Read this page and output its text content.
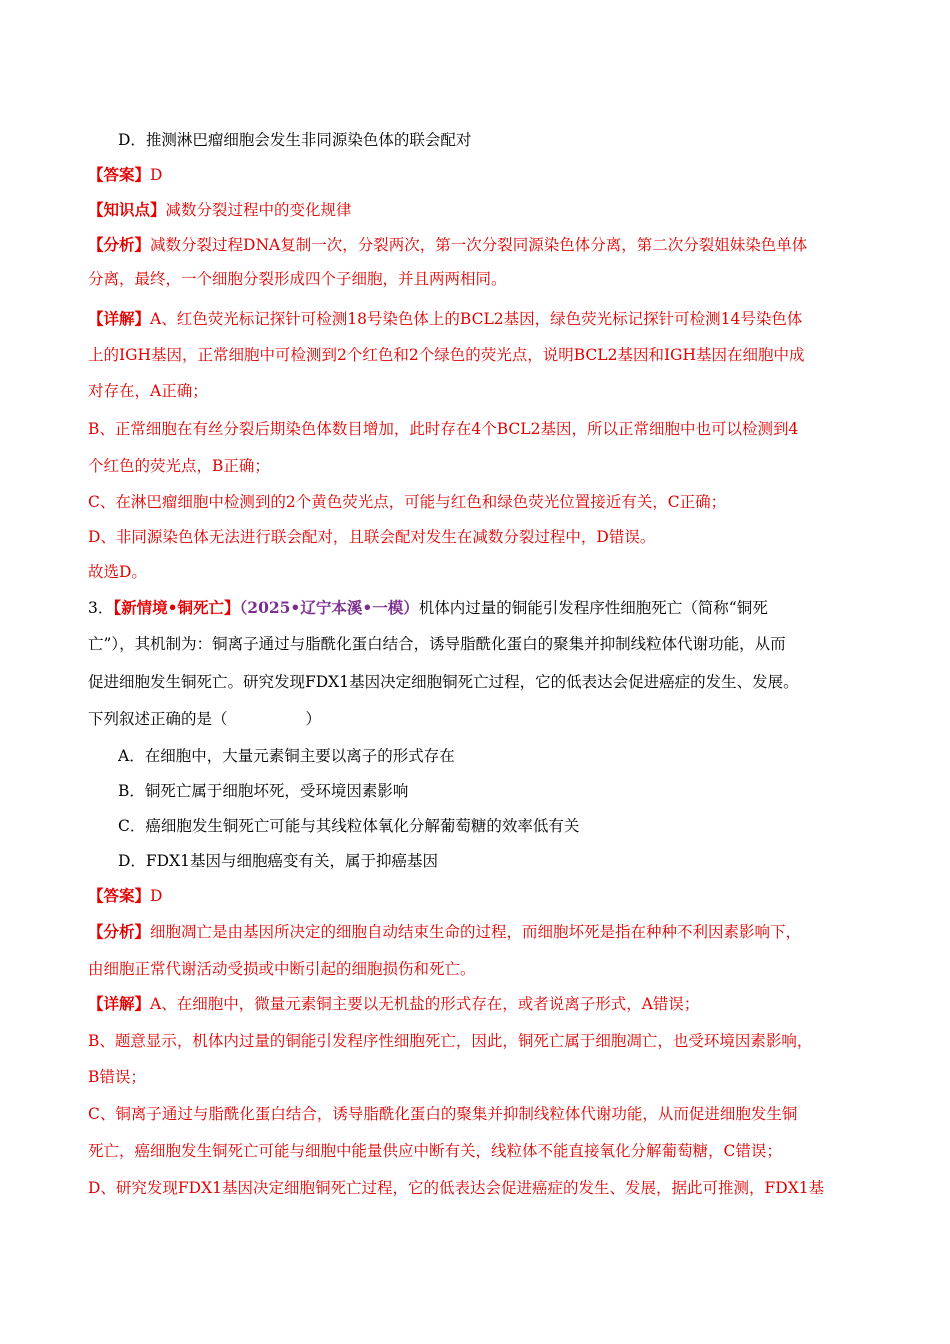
D．推测淋巴瘤细胞会发生非同源染色体的联会配对
【答案】D
【知识点】减数分裂过程中的变化规律
【分析】减数分裂过程DNA复制一次，分裂两次，第一次分裂同源染色体分离，第二次分裂姐妹染色单体
分离，最终，一个细胞分裂形成四个子细胞，并且两两相同。
【详解】A、红色荧光标记探针可检测18号染色体上的BCL2基因，绿色荧光标记探针可检测14号染色体
上的IGH基因，正常细胞中可检测到2个红色和2个绿色的荧光点，说明BCL2基因和IGH基因在细胞中成
对存在，A正确；
B、正常细胞在有丝分裂后期染色体数目增加，此时存在4个BCL2基因，所以正常细胞中也可以检测到4
个红色的荧光点，B正确；
C、在淋巴瘤细胞中检测到的2个黄色荧光点，可能与红色和绿色荧光位置接近有关，C正确；
D、非同源染色体无法进行联会配对，且联会配对发生在减数分裂过程中，D错误。
故选D。
3．【新情境•铜死亡】（2025•辽宁本溪•一模）机体内过量的铜能引发程序性细胞死亡（简称“铜死
亡”），其机制为：铜离子通过与脂酰化蛋白结合，诱导脂酰化蛋白的聚集并抑制线粒体代谢功能，从而
促进细胞发生铜死亡。研究发现FDX1基因决定细胞铜死亡过程，它的低表达会促进癌症的发生、发展。
下列叙述正确的是（	）
A．在细胞中，大量元素铜主要以离子的形式存在
B．铜死亡属于细胞坏死，受环境因素影响
C．癌细胞发生铜死亡可能与其线粒体氧化分解葡萄糖的效率低有关
D．FDX1基因与细胞癌变有关，属于抑癌基因
【答案】D
【分析】细胞凋亡是由基因所决定的细胞自动结束生命的过程，而细胞坏死是指在种种不利因素影响下，
由细胞正常代谢活动受损或中断引起的细胞损伤和死亡。
【详解】A、在细胞中，微量元素铜主要以无机盐的形式存在，或者说离子形式，A错误；
B、题意显示，机体内过量的铜能引发程序性细胞死亡，因此，铜死亡属于细胞凋亡，也受环境因素影响，
B错误；
C、铜离子通过与脂酰化蛋白结合，诱导脂酰化蛋白的聚集并抑制线粒体代谢功能，从而促进细胞发生铜
死亡，癌细胞发生铜死亡可能与细胞中能量供应中断有关，线粒体不能直接氧化分解葡萄糖，C错误；
D、研究发现FDX1基因决定细胞铜死亡过程，它的低表达会促进癌症的发生、发展，据此可推测，FDX1基
